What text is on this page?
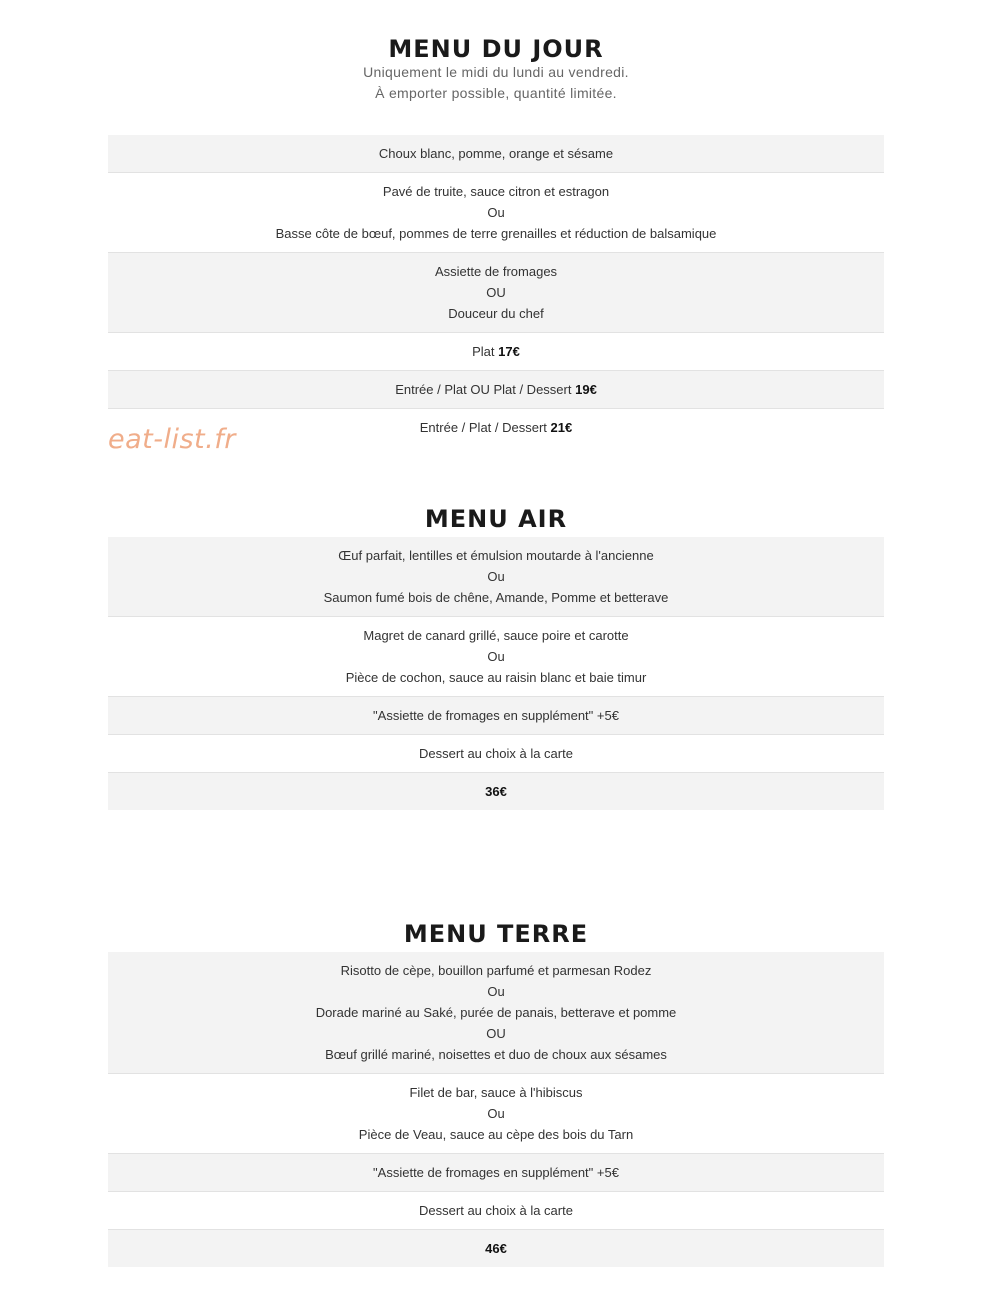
MENU DU JOUR
Uniquement le midi du lundi au vendredi.
À emporter possible, quantité limitée.
Choux blanc, pomme, orange et sésame
Pavé de truite, sauce citron et estragon
Ou
Basse côte de bœuf, pommes de terre grenailles et réduction de balsamique
Assiette de fromages
OU
Douceur du chef
Plat 17€
Entrée / Plat OU Plat / Dessert 19€
Entrée / Plat / Dessert 21€
eat-list.fr
MENU AIR
Œuf parfait, lentilles et émulsion moutarde à l'ancienne
Ou
Saumon fumé bois de chêne, Amande, Pomme et betterave
Magret de canard grillé, sauce poire et carotte
Ou
Pièce de cochon, sauce au raisin blanc et baie timur
"Assiette de fromages en supplément" +5€
Dessert au choix à la carte
36€
MENU TERRE
Risotto de cèpe, bouillon parfumé et parmesan Rodez
Ou
Dorade mariné au Saké, purée de panais, betterave et pomme
OU
Bœuf grillé mariné, noisettes et duo de choux aux sésames
Filet de bar, sauce à l'hibiscus
Ou
Pièce de Veau, sauce au cèpe des bois du Tarn
"Assiette de fromages en supplément" +5€
Dessert au choix à la carte
46€
